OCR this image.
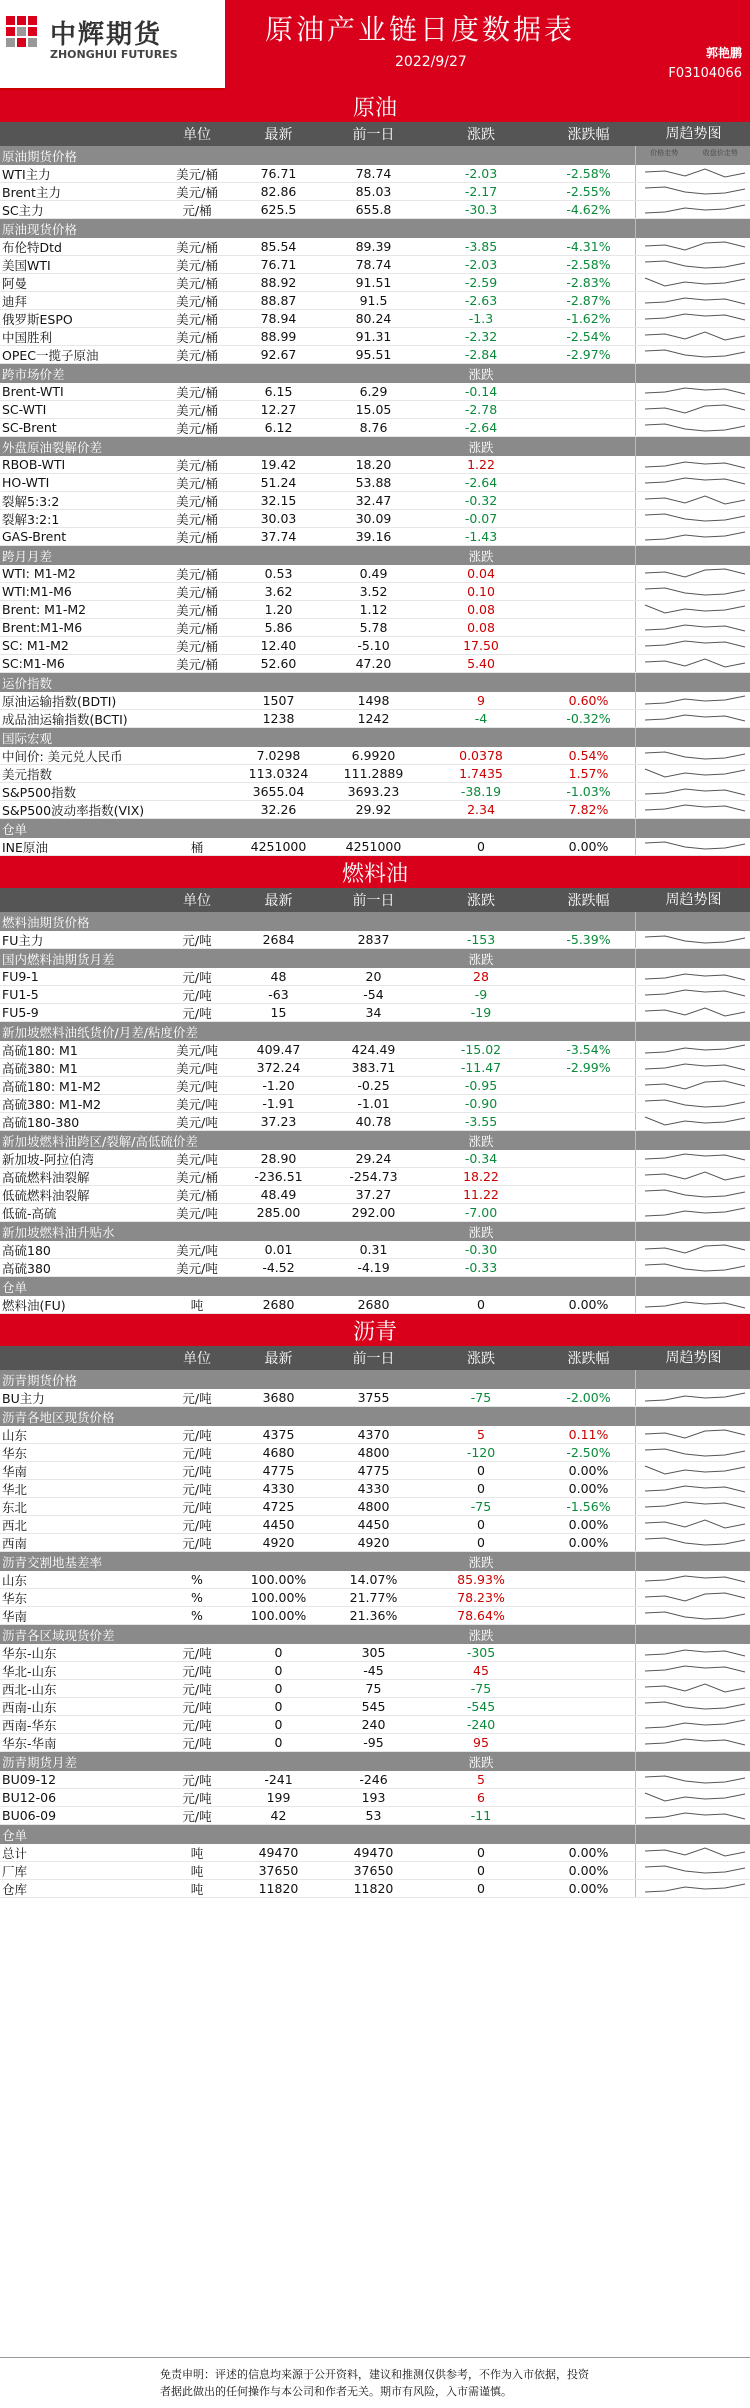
中辉期货
ZHONGHUI FUTURES
原油产业链日度数据表
2022/9/27
郭艳鹏
F03104066
原油
单位	最新	前一日	涨跌	涨跌幅	周趋势图
原油期货价格	价格走势	收盘价走势
WTI主力	美元/桶	76.71	78.74	-2.03	-2.58%
Brent主力	美元/桶	82.86	85.03	-2.17	-2.55%
SC主力	元/桶	625.5	655.8	-30.3	-4.62%
原油现货价格
布伦特Dtd	美元/桶	85.54	89.39	-3.85	-4.31%
美国WTI	美元/桶	76.71	78.74	-2.03	-2.58%
阿曼	美元/桶	88.92	91.51	-2.59	-2.83%
迪拜	美元/桶	88.87	91.5	-2.63	-2.87%
俄罗斯ESPO	美元/桶	78.94	80.24	-1.3	-1.62%
中国胜利	美元/桶	88.99	91.31	-2.32	-2.54%
OPEC一揽子原油	美元/桶	92.67	95.51	-2.84	-2.97%
跨市场价差	涨跌
Brent-WTI	美元/桶	6.15	6.29	-0.14
SC-WTI	美元/桶	12.27	15.05	-2.78
SC-Brent	美元/桶	6.12	8.76	-2.64
外盘原油裂解价差	涨跌
RBOB-WTI	美元/桶	19.42	18.20	1.22
HO-WTI	美元/桶	51.24	53.88	-2.64
裂解5:3:2	美元/桶	32.15	32.47	-0.32
裂解3:2:1	美元/桶	30.03	30.09	-0.07
GAS-Brent	美元/桶	37.74	39.16	-1.43
跨月月差	涨跌
WTI: M1-M2	美元/桶	0.53	0.49	0.04
WTI:M1-M6	美元/桶	3.62	3.52	0.10
Brent: M1-M2	美元/桶	1.20	1.12	0.08
Brent:M1-M6	美元/桶	5.86	5.78	0.08
SC: M1-M2	美元/桶	12.40	-5.10	17.50
SC:M1-M6	美元/桶	52.60	47.20	5.40
运价指数
原油运输指数(BDTI)	1507	1498	9	0.60%
成品油运输指数(BCTI)	1238	1242	-4	-0.32%
国际宏观
中间价: 美元兑人民币	7.0298	6.9920	0.0378	0.54%
美元指数	113.0324	111.2889	1.7435	1.57%
S&P500指数	3655.04	3693.23	-38.19	-1.03%
S&P500波动率指数(VIX)	32.26	29.92	2.34	7.82%
仓单
INE原油	桶	4251000	4251000	0	0.00%
燃料油
单位	最新	前一日	涨跌	涨跌幅	周趋势图
燃料油期货价格
FU主力	元/吨	2684	2837	-153	-5.39%
国内燃料油期货月差	涨跌
FU9-1	元/吨	48	20	28
FU1-5	元/吨	-63	-54	-9
FU5-9	元/吨	15	34	-19
新加坡燃料油纸货价/月差/粘度价差
高硫180: M1	美元/吨	409.47	424.49	-15.02	-3.54%
高硫380: M1	美元/吨	372.24	383.71	-11.47	-2.99%
高硫180: M1-M2	美元/吨	-1.20	-0.25	-0.95
高硫380: M1-M2	美元/吨	-1.91	-1.01	-0.90
高硫180-380	美元/吨	37.23	40.78	-3.55
新加坡燃料油跨区/裂解/高低硫价差	涨跌
新加坡-阿拉伯湾	美元/吨	28.90	29.24	-0.34
高硫燃料油裂解	美元/桶	-236.51	-254.73	18.22
低硫燃料油裂解	美元/桶	48.49	37.27	11.22
低硫-高硫	美元/吨	285.00	292.00	-7.00
新加坡燃料油升贴水	涨跌
高硫180	美元/吨	0.01	0.31	-0.30
高硫380	美元/吨	-4.52	-4.19	-0.33
仓单
燃料油(FU)	吨	2680	2680	0	0.00%
沥青
单位	最新	前一日	涨跌	涨跌幅	周趋势图
沥青期货价格
BU主力	元/吨	3680	3755	-75	-2.00%
沥青各地区现货价格
山东	元/吨	4375	4370	5	0.11%
华东	元/吨	4680	4800	-120	-2.50%
华南	元/吨	4775	4775	0	0.00%
华北	元/吨	4330	4330	0	0.00%
东北	元/吨	4725	4800	-75	-1.56%
西北	元/吨	4450	4450	0	0.00%
西南	元/吨	4920	4920	0	0.00%
沥青交割地基差率	涨跌
山东	%	100.00%	14.07%	85.93%
华东	%	100.00%	21.77%	78.23%
华南	%	100.00%	21.36%	78.64%
沥青各区域现货价差	涨跌
华东-山东	元/吨	0	305	-305
华北-山东	元/吨	0	-45	45
西北-山东	元/吨	0	75	-75
西南-山东	元/吨	0	545	-545
西南-华东	元/吨	0	240	-240
华东-华南	元/吨	0	-95	95
沥青期货月差	涨跌
BU09-12	元/吨	-241	-246	5
BU12-06	元/吨	199	193	6
BU06-09	元/吨	42	53	-11
仓单
总计	吨	49470	49470	0	0.00%
厂库	吨	37650	37650	0	0.00%
仓库	吨	11820	11820	0	0.00%
免责申明：评述的信息均来源于公开资料，建议和推测仅供参考，不作为入市依据，投资者据此做出的任何操作与本公司和作者无关。期市有风险，入市需谨慎。
